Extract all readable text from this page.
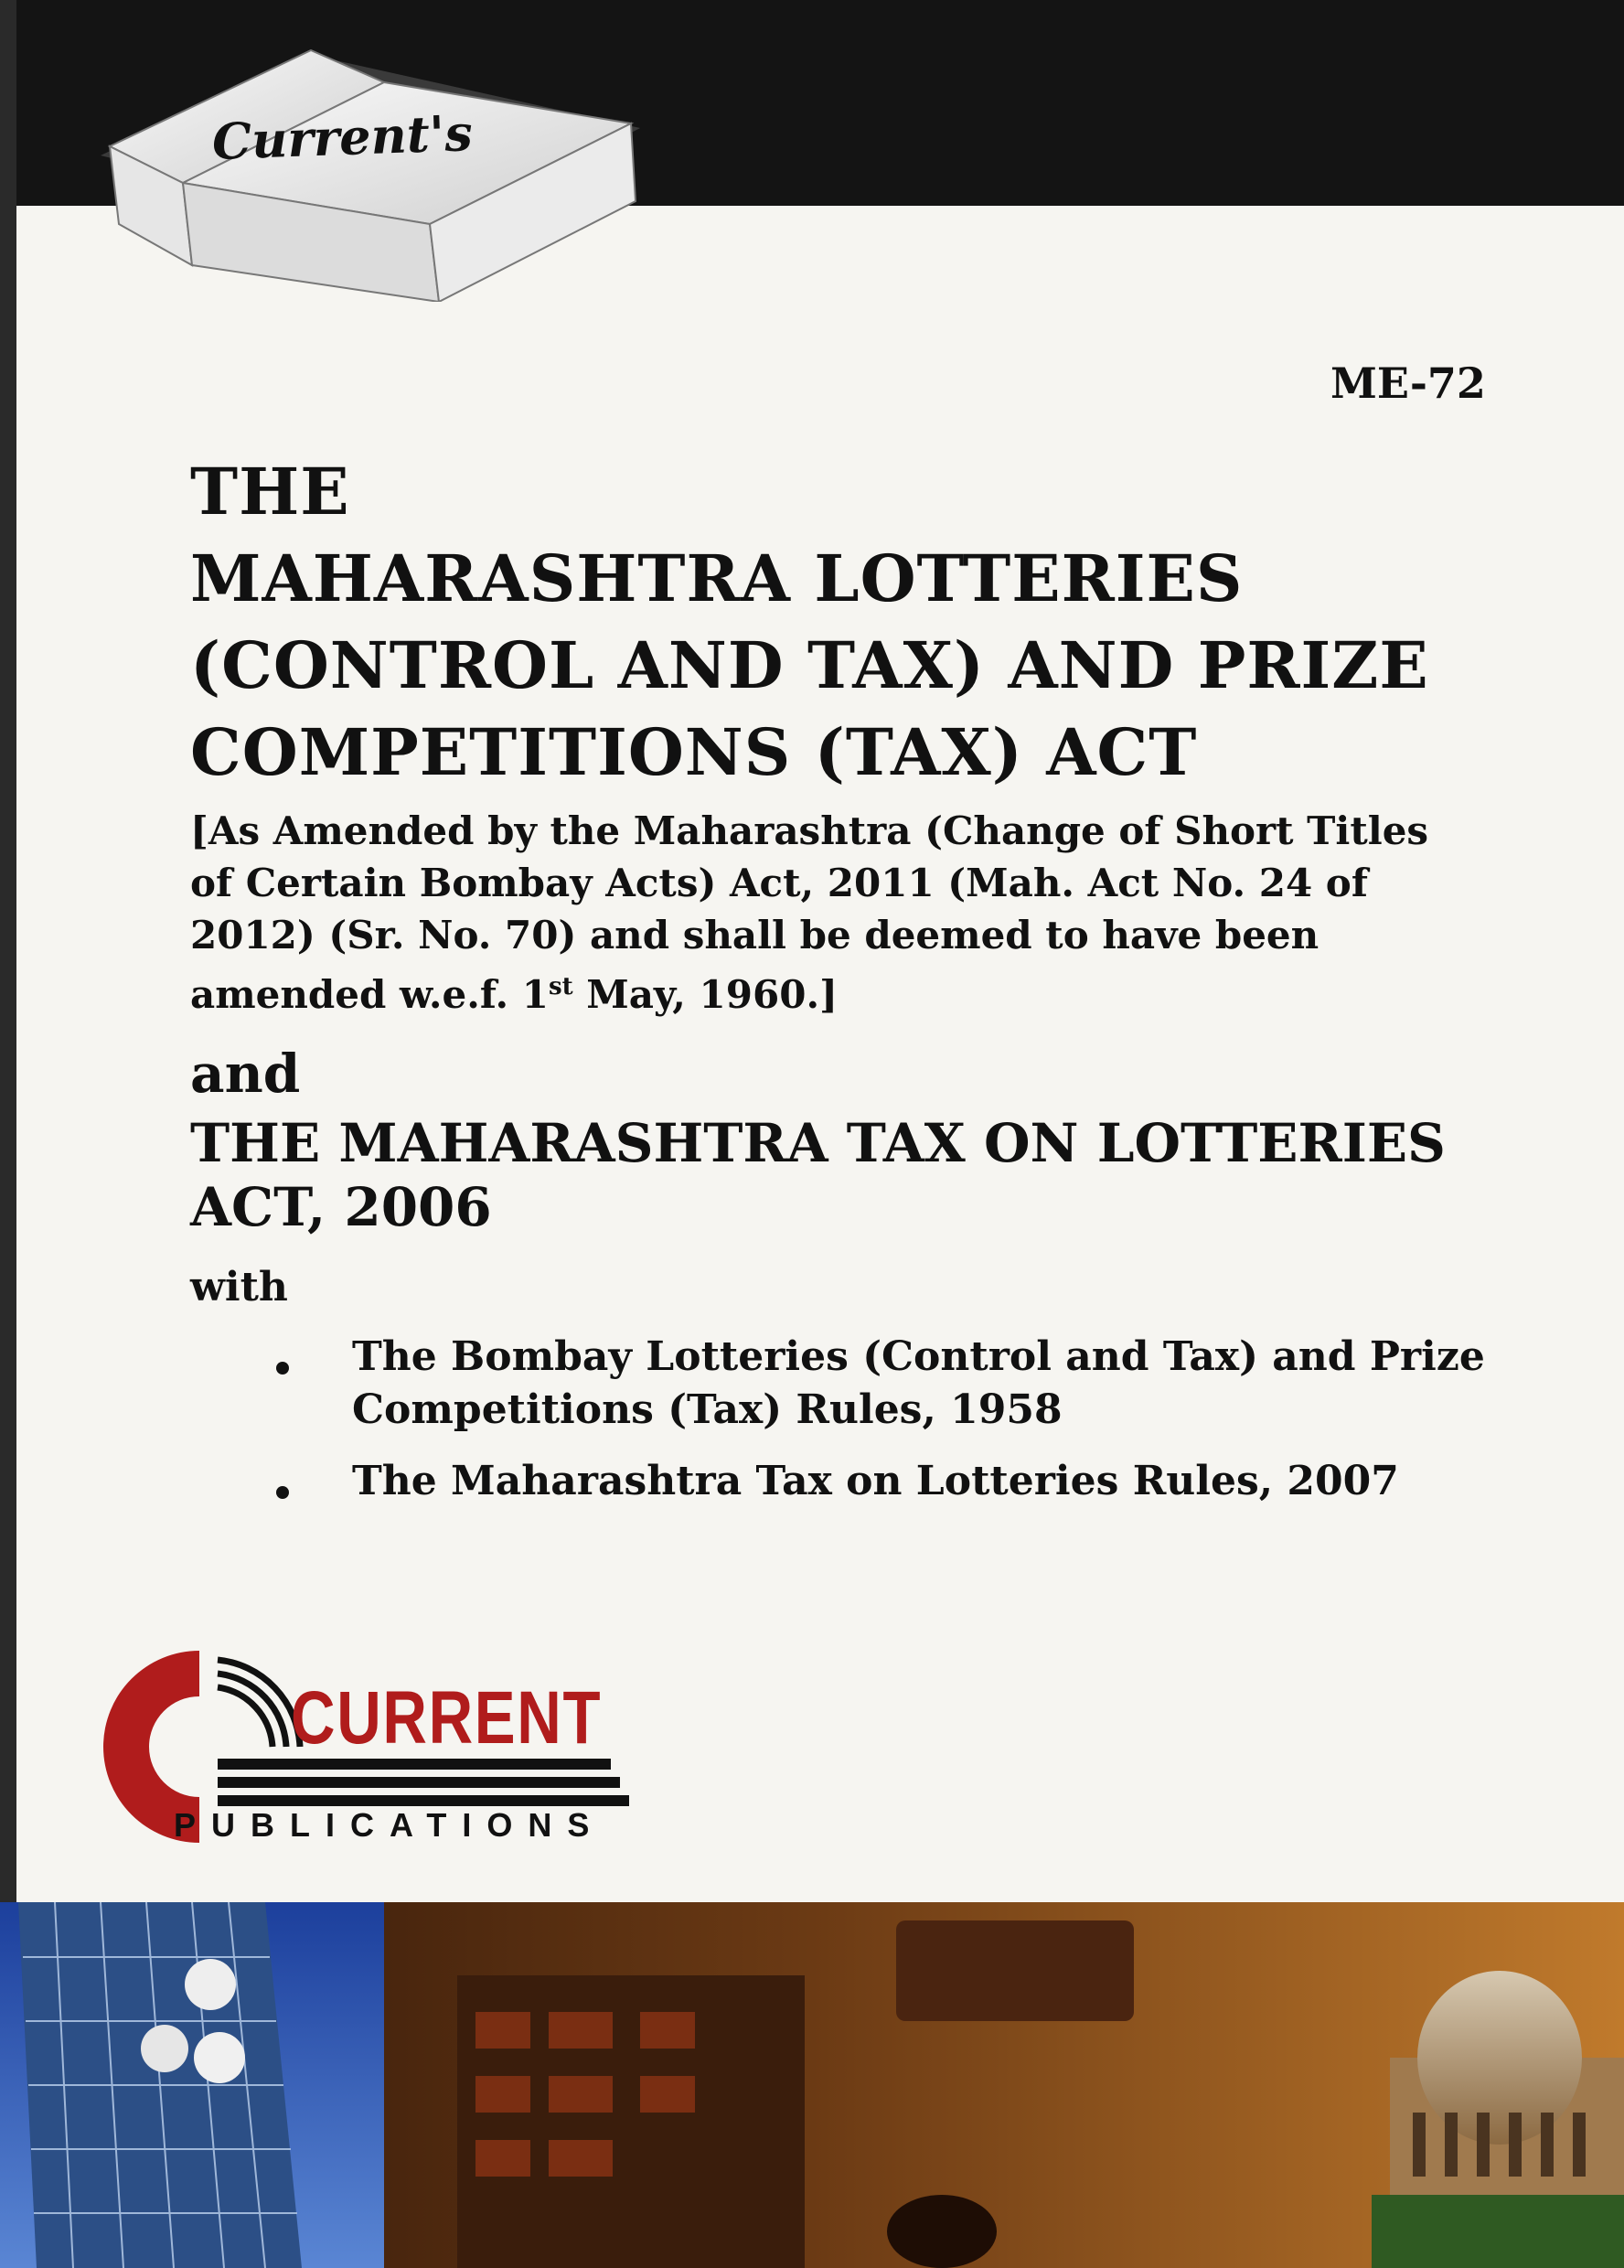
Current's
ME-72
THE
MAHARASHTRA LOTTERIES
(CONTROL AND TAX) AND PRIZE
COMPETITIONS (TAX) ACT
[As Amended by the Maharashtra (Change of Short Titles
of Certain Bombay Acts) Act, 2011 (Mah. Act No. 24 of
2012) (Sr. No. 70) and shall be deemed to have been
amended w.e.f. 1st May, 1960.]
and
THE MAHARASHTRA TAX ON LOTTERIES
ACT, 2006
with
The Bombay Lotteries (Control and Tax) and Prize
Competitions (Tax) Rules, 1958
The Maharashtra Tax on Lotteries Rules, 2007
CURRENT
PUBLICATIONS
